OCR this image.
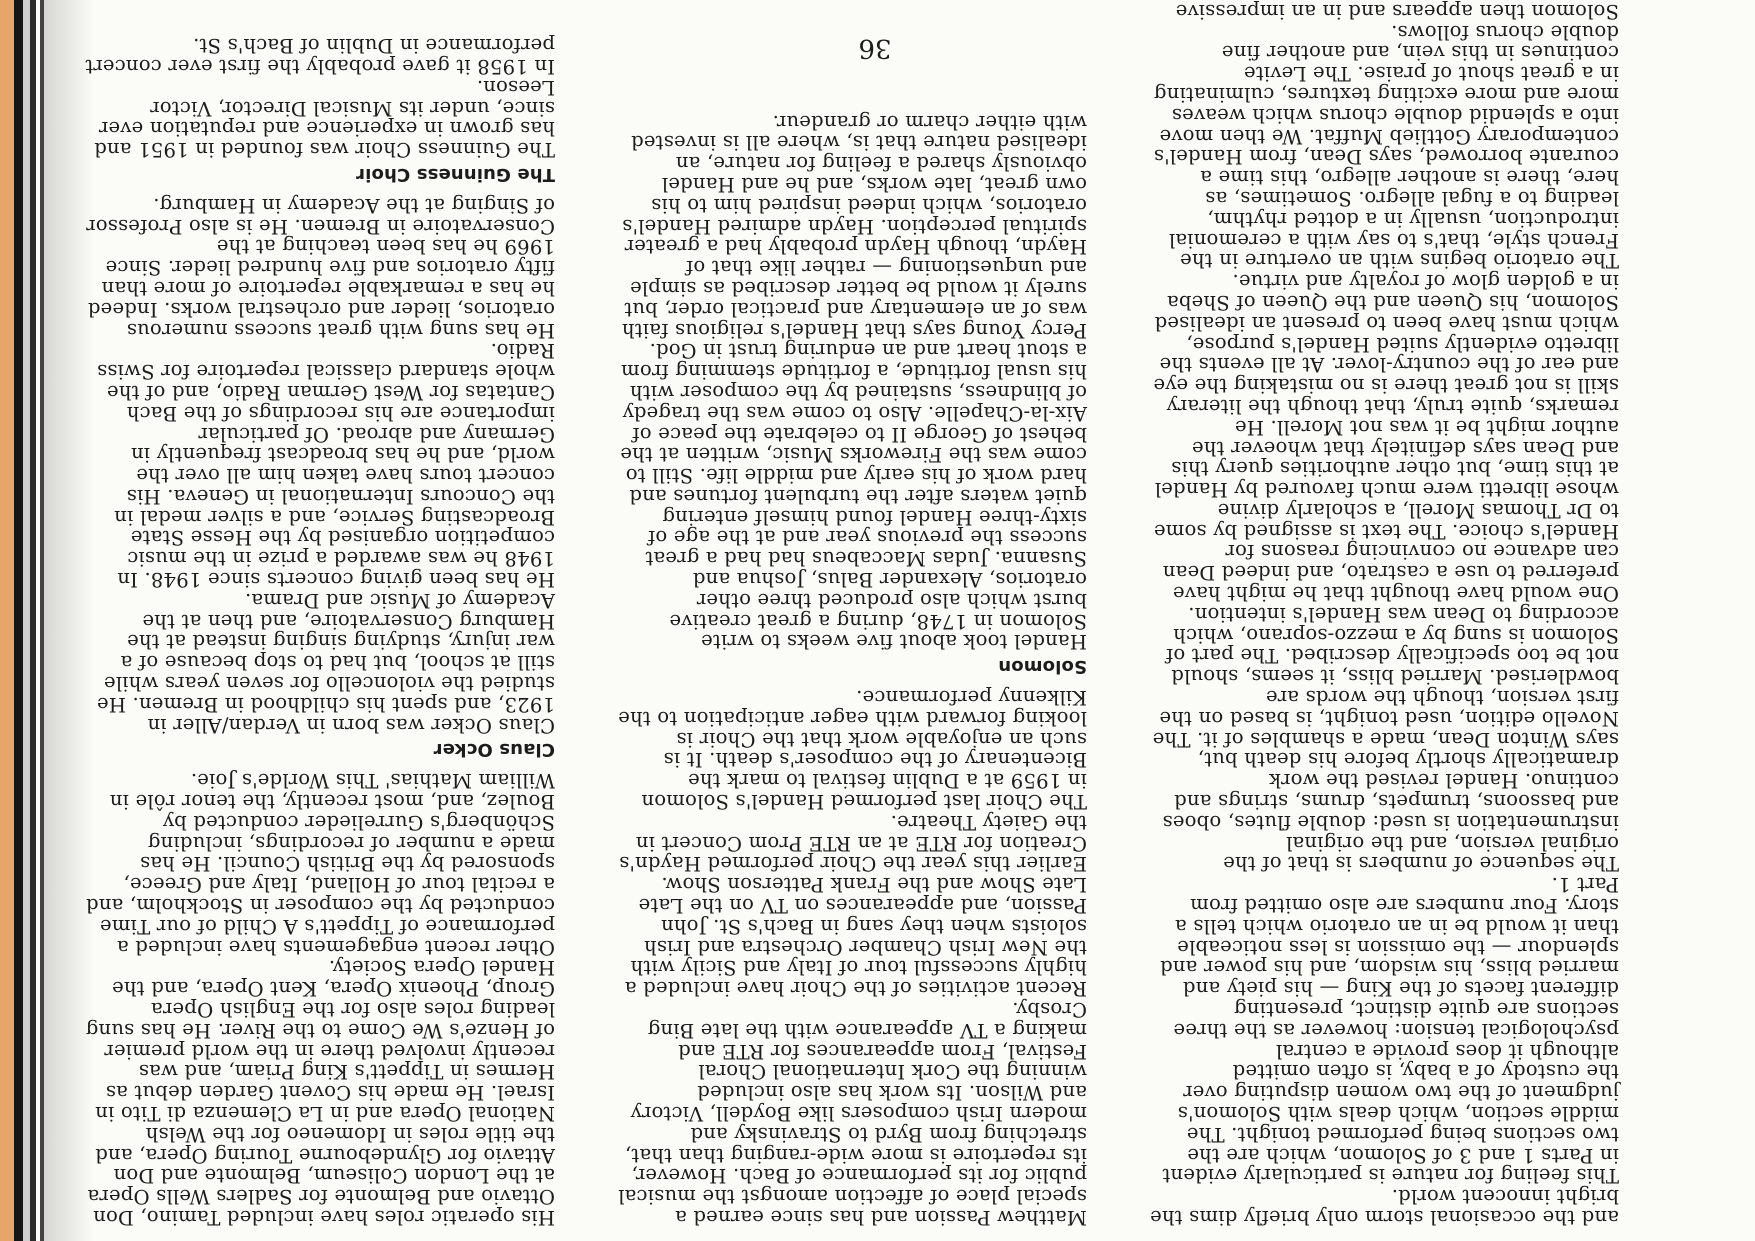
His operatic roles have included Tamino, Don Ottavio and Belmonte for Sadlers Wells Opera at the London Coliseum, Belmonte and Don Attavio for Glyndebourne Touring Opera, and the title roles in Idomeneo for the Welsh National Opera and in La Clemenza di Tito in Israel. He made his Covent Garden debut as Hermes in Tippett's King Priam, and was recently involved there in the world premier of Henze's We Come to the River. He has sung leading roles also for the English Opera Group, Phoenix Opera, Kent Opera, and the Handel Opera Society.

Other recent engagements have included a performance of Tippett's A Child of our Time conducted by the composer in Stockholm, and a recital tour of Holland, Italy and Greece, sponsored by the British Council. He has made a number of recordings, including Schönberg's Gurrelieder conducted by Boulez, and, most recently, the tenor rôle in William Mathias' This Worlde's Joie.

Claus Ocker

Claus Ocker was born in Verdan/Aller in 1923, and spent his childhood in Bremen. He studied the violoncello for seven years while still at school, but had to stop because of a war injury, studying singing instead at the Hamburg Conservatoire, and then at the Academy of Music and Drama.

He has been giving concerts since 1948. In 1948 he was awarded a prize in the music competition organised by the Hesse State Broadcasting Service, and a silver medal in the Concours International in Geneva. His concert tours have taken him all over the world, and he has broadcast frequently in Germany and abroad. Of particular importance are his recordings of the Bach Cantatas for West German Radio, and of the whole standard classical repertoire for Swiss Radio.

He has sung with great success numerous oratorios, lieder and orchestral works. Indeed he has a remarkable repertoire of more than fifty oratorios and five hundred lieder. Since 1969 he has been teaching at the Conservatoire in Bremen. He is also Professor of Singing at the Academy in Hamburg.

The Guinness Choir

The Guinness Choir was founded in 1951 and has grown in experience and reputation ever since, under its Musical Director, Victor Leeson.

In 1958 it gave probably the first ever concert performance in Dublin of Bach's St.

Matthew Passion and has since earned a special place of affection amongst the musical public for its performance of Bach. However, its repertoire is more wide-ranging than that, stretching from Byrd to Stravinsky and modern Irish composers like Boydell, Victory and Wilson. Its work has also included winning the Cork International Choral Festival, From appearances for RTE and making a TV appearance with the late Bing Crosby.

Recent activities of the Choir have included a highly successful tour of Italy and Sicily with the New Irish Chamber Orchestra and Irish soloists when they sang in Bach's St. John Passion, and appearances on TV on the Late Late Show and the Frank Patterson Show. Earlier this year the Choir performed Haydn's Creation for RTE at an RTE Prom Concert in the Gaiety Theatre.

The Choir last performed Handel's Solomon in 1959 at a Dublin festival to mark the Bicentenary of the composer's death. It is such an enjoyable work that the Choir is looking forward with eager anticipation to the Kilkenny performance.

Solomon

Handel took about five weeks to write Solomon in 1748, during a great creative burst which also produced three other oratorios, Alexander Balus, Joshua and Susanna. Judas Maccabeus had had a great success the previous year and at the age of sixty-three Handel found himself entering quiet waters after the turbulent fortunes and hard work of his early and middle life. Still to come was the Fireworks Music, written at the behest of George II to celebrate the peace of Aix-la-Chapelle. Also to come was the tragedy of blindness, sustained by the composer with his usual fortitude, a fortitude stemming from a stout heart and an enduring trust in God.

Percy Young says that Handel's religious faith was of an elementary and practical order, but surely it would be better described as simple and unquestioning — rather like that of Haydn, though Haydn probably had a greater spiritual perception. Haydn admired Handel's oratorios, which indeed inspired him to his own great, late works, and he and Handel obviously shared a feeling for nature, an idealised nature that is, where all is invested with either charm or grandeur.

and the occasional storm only briefly dims the bright innocent world.

This feeling for nature is particularly evident in Parts 1 and 3 of Solomon, which are the two sections being performed tonight. The middle section, which deals with Solomon's judgment of the two women disputing over the custody of a baby, is often omitted although it does provide a central psychological tension: however as the three sections are quite distinct, presenting different facets of the King — his piety and married bliss, his wisdom, and his power and splendour — the omission is less noticeable than it would be in an oratorio which tells a story. Four numbers are also omitted from Part 1.

The sequence of numbers is that of the original version, and the original instrumentation is used: double flutes, oboes and bassoons, trumpets, drums, strings and continuo. Handel revised the work dramatically shortly before his death but, says Winton Dean, made a shambles of it. The Novello edition, used tonight, is based on the first version, though the words are bowdlerised. Married bliss, it seems, should not be too specifically described. The part of Solomon is sung by a mezzo-soprano, which according to Dean was Handel's intention. One would have thought that he might have preferred to use a castrato, and indeed Dean can advance no convincing reasons for Handel's choice. The text is assigned by some to Dr Thomas Morell, a scholarly divine whose libretti were much favoured by Handel at this time, but other authorities query this and Dean says definitely that whoever the author might be it was not Morell. He remarks, quite truly, that though the literary skill is not great there is no mistaking the eye and ear of the country-lover. At all events the libretto evidently suited Handel's purpose, which must have been to present an idealised Solomon, his Queen and the Queen of Sheba in a golden glow of royalty and virtue.

The oratorio begins with an overture in the French style, that's to say with a ceremonial introduction, usually in a dotted rhythm, leading to a fugal allegro. Sometimes, as here, there is another allegro, this time a courante borrowed, says Dean, from Handel's contemporary Gottlieb Muffat. We then move into a splendid double chorus which weaves more and more exciting textures, culminating in a great shout of praise. The Levite continues in this vein, and another fine double chorus follows.

Solomon then appears and in an impressive

36
